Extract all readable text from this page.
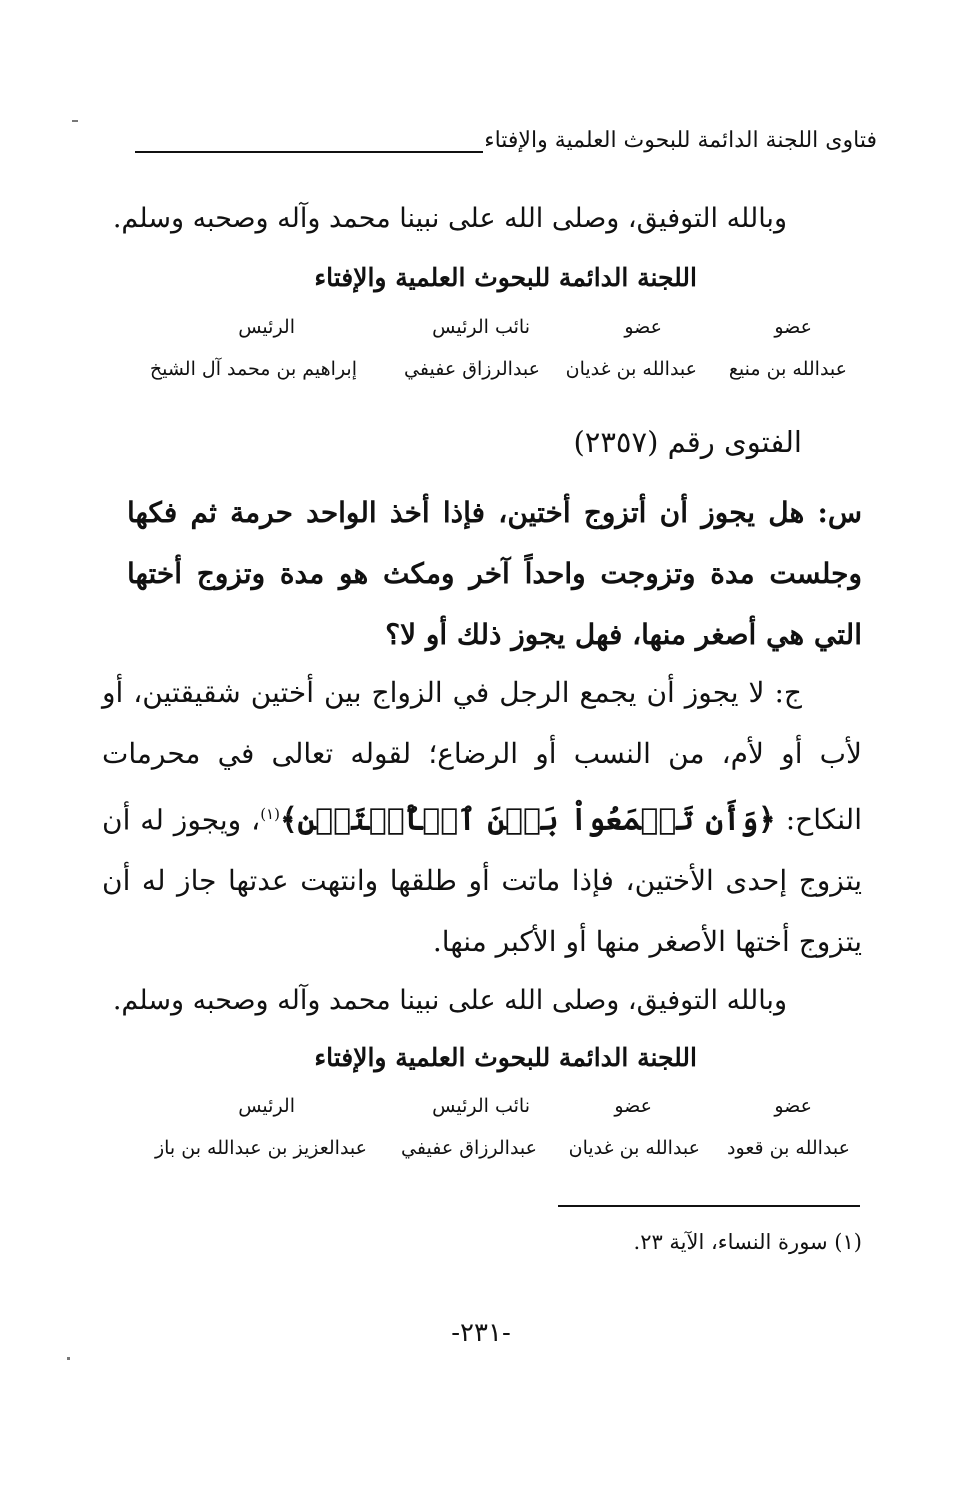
فتاوى اللجنة الدائمة للبحوث العلمية والإفتاء
وبالله التوفيق، وصلى الله على نبينا محمد وآله وصحبه وسلم.
اللجنة الدائمة للبحوث العلمية والإفتاء
عضو
عضو
نائب الرئيس
الرئيس
عبدالله بن منيع
عبدالله بن غديان
عبدالرزاق عفيفي
إبراهيم بن محمد آل الشيخ
الفتوى رقم (٢٣٥٧)
س: هل يجوز أن أتزوج أختين، فإذا أخذ الواحد حرمة ثم فكها وجلست مدة وتزوجت واحداً آخر ومكث هو مدة وتزوج أختها التي هي أصغر منها، فهل يجوز ذلك أو لا؟
ج: لا يجوز أن يجمع الرجل في الزواج بين أختين شقيقتين، أو لأب أو لأم، من النسب أو الرضاع؛ لقوله تعالى في محرمات النكاح: ﴿وَأَن تَجۡمَعُواْ بَيۡنَ ٱلۡأُخۡتَيۡنِ﴾$^{(١)}$، ويجوز له أن يتزوج إحدى الأختين، فإذا ماتت أو طلقها وانتهت عدتها جاز له أن يتزوج أختها الأصغر منها أو الأكبر منها.
وبالله التوفيق، وصلى الله على نبينا محمد وآله وصحبه وسلم.
اللجنة الدائمة للبحوث العلمية والإفتاء
عضو
عضو
نائب الرئيس
الرئيس
عبدالله بن قعود
عبدالله بن غديان
عبدالرزاق عفيفي
عبدالعزيز بن عبدالله بن باز
(١) سورة النساء، الآية ٢٣.
-٢٣١-
